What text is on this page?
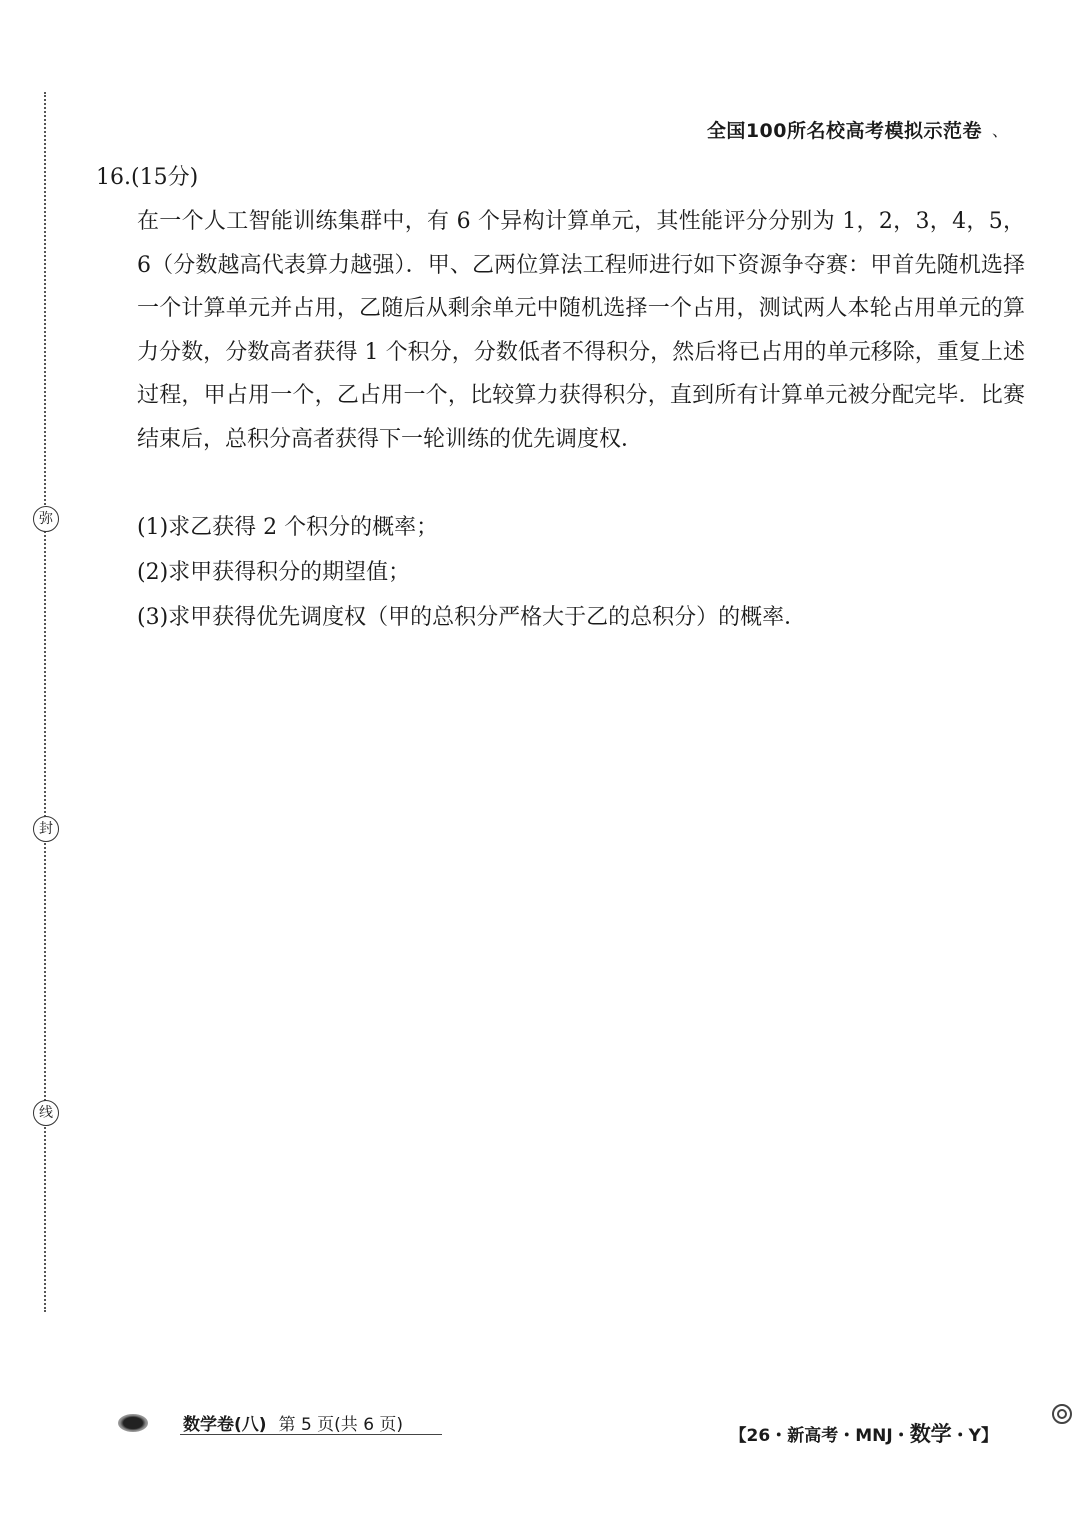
弥
封
线
全国100所名校高考模拟示范卷 、
16.(15分)
在一个人工智能训练集群中，有 6 个异构计算单元，其性能评分分别为 1，2，3，4，5，6（分数越高代表算力越强）．甲、乙两位算法工程师进行如下资源争夺赛：甲首先随机选择一个计算单元并占用，乙随后从剩余单元中随机选择一个占用，测试两人本轮占用单元的算力分数，分数高者获得 1 个积分，分数低者不得积分，然后将已占用的单元移除，重复上述过程，甲占用一个，乙占用一个，比较算力获得积分，直到所有计算单元被分配完毕．比赛结束后，总积分高者获得下一轮训练的优先调度权．
(1)求乙获得 2 个积分的概率；
(2)求甲获得积分的期望值；
(3)求甲获得优先调度权（甲的总积分严格大于乙的总积分）的概率．
数学卷(八) 第 5 页(共 6 页)
【26・新高考・MNJ・数学・Y】
